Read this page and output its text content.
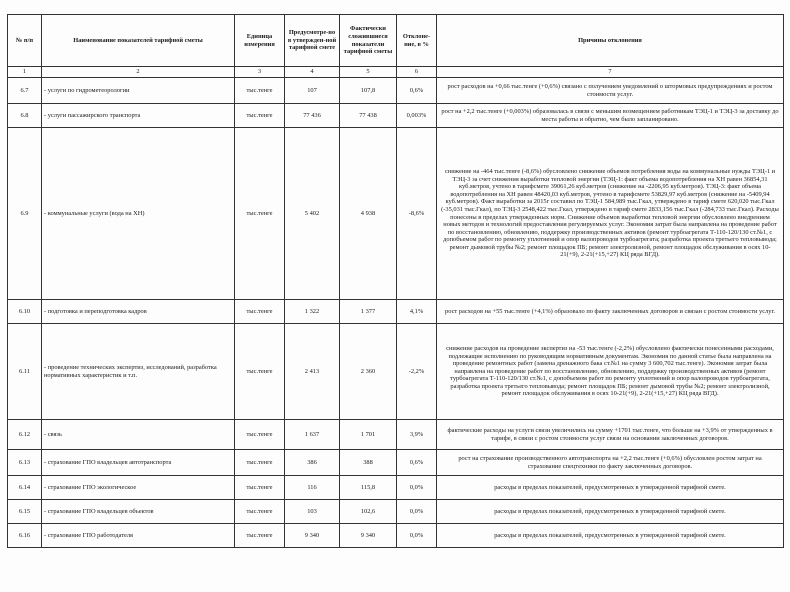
№ п/п	Наименование показателей тарифной сметы	Единица измерения	Предусмотре-но в утвержден-ной тарифной смете	Фактически сложившиеся показатели тарифной сметы	Отклоне-ние, в %	Причины отклонения
1	2	3	4	5	6	7
6.7	- услуги по гидрометеорологии	тыс.тенге	107	107,8	0,6%	рост расходов на +0,66 тыс.тенге (+0,6%) связано с получением уведомлений о штормовых предупреждениях и ростом стоимости услуг.
6.8	- услуги пассажирского транспорта	тыс.тенге	77 436	77 438	0,003%	рост на +2,2 тыс.тенге (+0,003%) образовалась в связи с меньшим возмещением работникам ТЭЦ-1 и ТЭЦ-3 за доставку до места работы и обратно, чем было запланировано.
6.9	- коммунальные услуги (вода на ХН)	тыс.тенге	5 402	4 938	-8,6%	снижение на -464 тыс.тенге (-8,6%) обусловлено снижение объемов потребления воды на коммунальные нужды ТЭЦ-1 и ТЭЦ-3 за счет снижения выработки тепловой энергии (ТЭЦ-1: факт объема водопотребления на ХН равен 36854,31 куб.метров, учтено в тарифсмете 39061,26 куб.метров (снижение на -2206,95 куб.метров). ТЭЦ-3: факт объема водопотребления на ХН равен 48420,03 куб.метров, учтено в тарифсмете 53829,97 куб.метров (снижение на -5409,94 куб.метров). Факт выработки за 2015г составил по ТЭЦ-1 584,989 тыс.Гкал, утверждено в тариф смете 620,020 тыс.Гкал (-35,031 тыс.Гкал), по ТЭЦ-3 2548,422 тыс.Гкал, утверждено в тариф смете 2833,156 тыс.Гкал (-284,733 тыс.Гкал). Расходы понесены в пределах утвержденных норм. Снижение объемов выработки тепловой энергии обусловлено внедрением новых методов и технологий предоставления регулируемых услуг. Экономия затрат была направлена на проведение работ по восстановлению, обновлению, поддержку производственных активов (ремонт турбоагрегата Т-110-120/130 ст.№1, с допобъемом работ по ремонту уплотнений и опор валопроводов турбоагрегата; разработка проекта третьего тепловывода; ремонт дымовой трубы №2; ремонт площадок ПБ; ремонт электролизной, ремонт площадок обслуживания в осях 10-21(+9), 2-21(+15,+27) КЦ ряда ВГД).
6.10	- подготовка и переподготовка кадров	тыс.тенге	1 322	1 377	4,1%	рост расходов на +55 тыс.тенге (+4,1%) образовало по факту заключенных договоров и связан с ростом стоимости услуг.
6.11	- проведение технических экспертиз, исследований, разработка нормативных характеристик и т.п.	тыс.тенге	2 413	2 360	-2,2%	снижение расходов на проведение экспертиз на -53 тыс.тенге (-2,2%) обусловлено фактически понесенными расходами, подлежащие исполнению по руководящим нормативным документам. Экономия по данной статье была направлена на проведение ремонтных работ (замена дренажного бака ст.№1 на сумму 3 600,702 тыс.тенге). Экономия затрат была направлена на проведение работ по восстановлению, обновлению, поддержку производственных активов (ремонт турбоагрегата Т-110-120/130 ст.№1, с допобъемом работ по ремонту уплотнений и опор валопроводов турбоагрегата, разработка проекта третьего тепловывода; ремонт площадок ПБ; ремонт дымовой трубы №2; ремонт электролизной, ремонт площадок обслуживания в осях 10-21(+9), 2-21(+15,+27) КЦ ряда ВГД).
6.12	- связь	тыс.тенге	1 637	1 701	3,9%	фактические расходы на услуги связи увеличились на сумму +1701 тыс.тенге, что больше на +3,9% от утвержденных в тарифе, в связи с ростом стоимости услуг связи на основании заключенных договоров.
6.13	- страхование ГПО владельцев автотранспорта	тыс.тенге	386	388	0,6%	рост на страхование производственного автотранспорта на +2,2 тыс.тенге (+0,6%) обусловлен ростом затрат на страхование спецтехники по факту заключенных договоров.
6.14	- страхование ГПО экологическое	тыс.тенге	116	115,8	0,0%	расходы в пределах показателей, предусмотренных в утвержденной тарифной смете.
6.15	- страхование ГПО владельцев объектов	тыс.тенге	103	102,6	0,0%	расходы в пределах показателей, предусмотренных в утвержденной тарифной смете.
6.16	- страхование ГПО работодателя	тыс.тенге	9 340	9 340	0,0%	расходы в пределах показателей, предусмотренных в утвержденной тарифной смете.
